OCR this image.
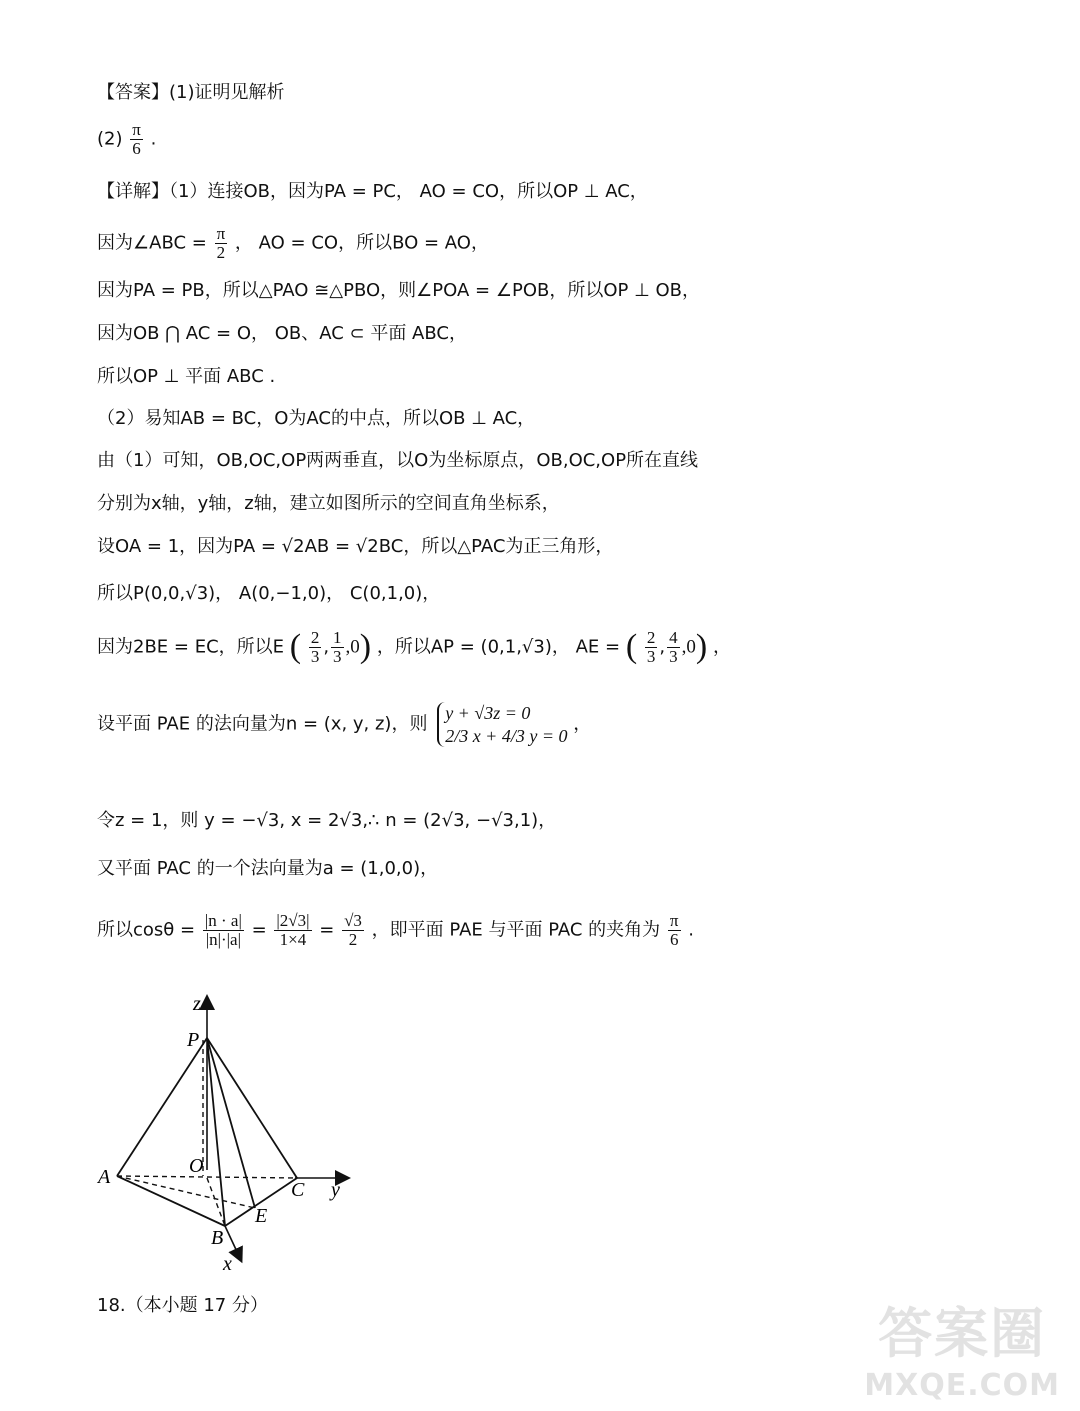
【答案】(1)证明见解析
$(2) \frac{\pi}{6}$ .
【详解】（1）连接OB，因为PA = PC， AO = CO，所以OP ⊥ AC，
因为∠ABC = $\frac{\pi}{2}$ ， AO = CO，所以BO = AO，
因为PA = PB，所以△PAO ≅△PBO，则∠POA = ∠POB，所以OP ⊥ OB，
因为OB ⋂ AC = O， OB、AC ⊂ 平面 ABC，
所以OP ⊥ 平面 ABC .
（2）易知AB = BC，O为AC的中点，所以OB ⊥ AC，
由（1）可知，OB,OC,OP两两垂直，以O为坐标原点，OB,OC,OP所在直线
分别为x轴，y轴，z轴，建立如图所示的空间直角坐标系，
设OA = 1，因为PA = √2AB = √2BC，所以△PAC为正三角形，
所以P(0,0,√3)， A(0,−1,0)， C(0,1,0)，
因为2BE = EC，所以E ( $\frac{2}{3}$ , $\frac{1}{3} ,0$) ，所以AP = (0,1,√3)， AE = ( $\frac{2}{3}$ , $\frac{4}{3} ,0$) ，
设平面 PAE 的法向量为n = (x, y, z)，则
y + √3z = 0
2/3 x + 4/3 y = 0
，
令z = 1，则 y = −√3, x = 2√3,∴ n = (2√3, −√3,1)，
又平面 PAC 的一个法向量为a = (1,0,0)，
所以$\cos\theta = \frac{|n \cdot a|}{|n|\cdot|a|} = \frac{|2√3|}{1\times 4} = \frac{√3}{2}$ ，即平面 PAE 与平面 PAC 的夹角为 $\frac{\pi}{6}$ .
z
P
O
A
C y
E
B
x
18.（本小题 17 分）	答案圈
MXQE.COM
